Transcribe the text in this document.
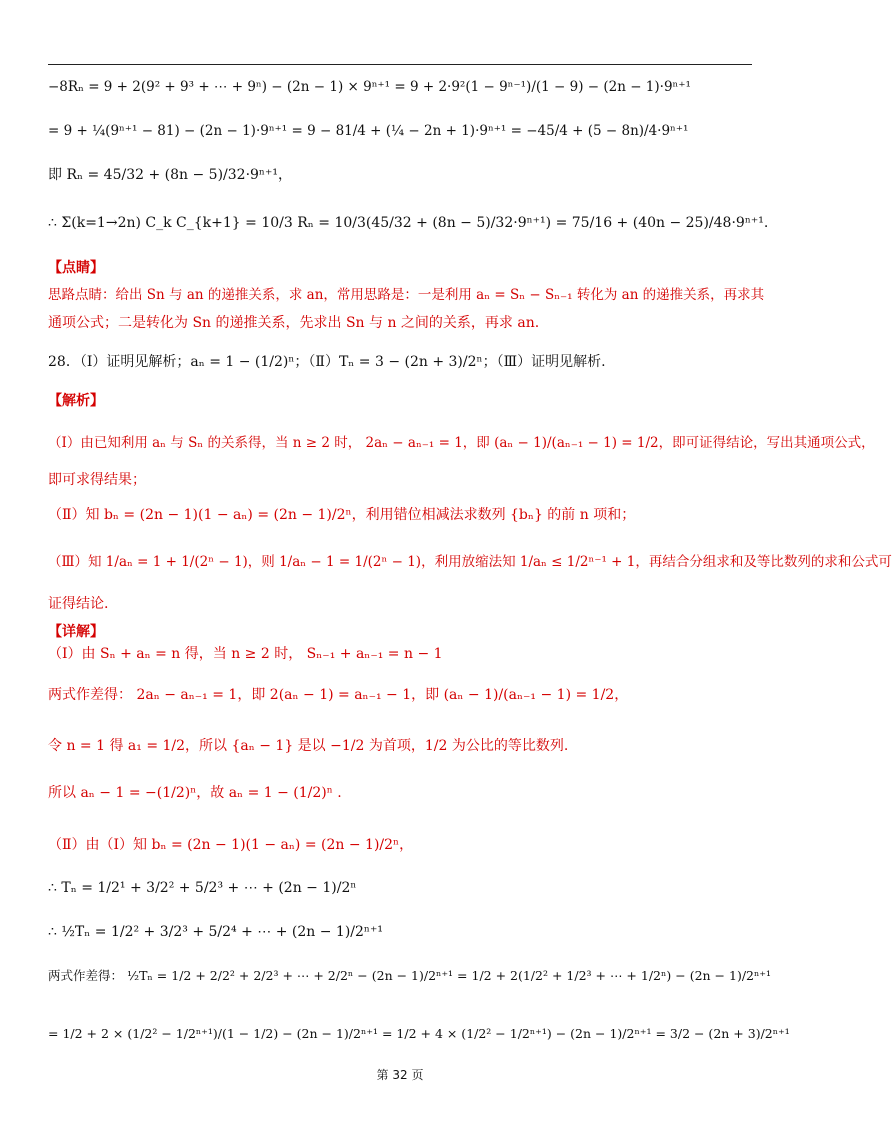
−8Rₙ = 9 + 2(9² + 9³ + ⋯ + 9ⁿ) − (2n − 1) × 9ⁿ⁺¹ = 9 + 2·9²(1 − 9ⁿ⁻¹)/(1 − 9) − (2n − 1)·9ⁿ⁺¹
= 9 + ¼(9ⁿ⁺¹ − 81) − (2n − 1)·9ⁿ⁺¹ = 9 − 81/4 + (¼ − 2n + 1)·9ⁿ⁺¹ = −45/4 + (5 − 8n)/4·9ⁿ⁺¹
即 Rₙ = 45/32 + (8n − 5)/32·9ⁿ⁺¹，
∴ Σ(k=1→2n) C_k C_{k+1} = 10/3 Rₙ = 10/3(45/32 + (8n − 5)/32·9ⁿ⁺¹) = 75/16 + (40n − 25)/48·9ⁿ⁺¹.
【点睛】
思路点睛：给出 Sn 与 an 的递推关系，求 an，常用思路是：一是利用 aₙ = Sₙ − Sₙ₋₁ 转化为 an 的递推关系，再求其
通项公式；二是转化为 Sn 的递推关系，先求出 Sn 与 n 之间的关系，再求 an.
28．（Ⅰ）证明见解析；aₙ = 1 − (1/2)ⁿ；（Ⅱ）Tₙ = 3 − (2n + 3)/2ⁿ；（Ⅲ）证明见解析.
【解析】
（Ⅰ）由已知利用 aₙ 与 Sₙ 的关系得，当 n ≥ 2 时， 2aₙ − aₙ₋₁ = 1，即 (aₙ − 1)/(aₙ₋₁ − 1) = 1/2，即可证得结论，写出其通项公式，
即可求得结果；
（Ⅱ）知 bₙ = (2n − 1)(1 − aₙ) = (2n − 1)/2ⁿ，利用错位相减法求数列 {bₙ} 的前 n 项和；
（Ⅲ）知 1/aₙ = 1 + 1/(2ⁿ − 1)，则 1/aₙ − 1 = 1/(2ⁿ − 1)，利用放缩法知 1/aₙ ≤ 1/2ⁿ⁻¹ + 1，再结合分组求和及等比数列的求和公式可
证得结论.
【详解】
（Ⅰ）由 Sₙ + aₙ = n 得，当 n ≥ 2 时， Sₙ₋₁ + aₙ₋₁ = n − 1
两式作差得： 2aₙ − aₙ₋₁ = 1，即 2(aₙ − 1) = aₙ₋₁ − 1，即 (aₙ − 1)/(aₙ₋₁ − 1) = 1/2，
令 n = 1 得 a₁ = 1/2，所以 {aₙ − 1} 是以 −1/2 为首项，1/2 为公比的等比数列.
所以 aₙ − 1 = −(1/2)ⁿ，故 aₙ = 1 − (1/2)ⁿ .
（Ⅱ）由（Ⅰ）知 bₙ = (2n − 1)(1 − aₙ) = (2n − 1)/2ⁿ，
∴ Tₙ = 1/2¹ + 3/2² + 5/2³ + ⋯ + (2n − 1)/2ⁿ
∴ ½Tₙ = 1/2² + 3/2³ + 5/2⁴ + ⋯ + (2n − 1)/2ⁿ⁺¹
两式作差得： ½Tₙ = 1/2 + 2/2² + 2/2³ + ⋯ + 2/2ⁿ − (2n − 1)/2ⁿ⁺¹ = 1/2 + 2(1/2² + 1/2³ + ⋯ + 1/2ⁿ) − (2n − 1)/2ⁿ⁺¹
= 1/2 + 2 × (1/2² − 1/2ⁿ⁺¹)/(1 − 1/2) − (2n − 1)/2ⁿ⁺¹ = 1/2 + 4 × (1/2² − 1/2ⁿ⁺¹) − (2n − 1)/2ⁿ⁺¹ = 3/2 − (2n + 3)/2ⁿ⁺¹
第 32 页
